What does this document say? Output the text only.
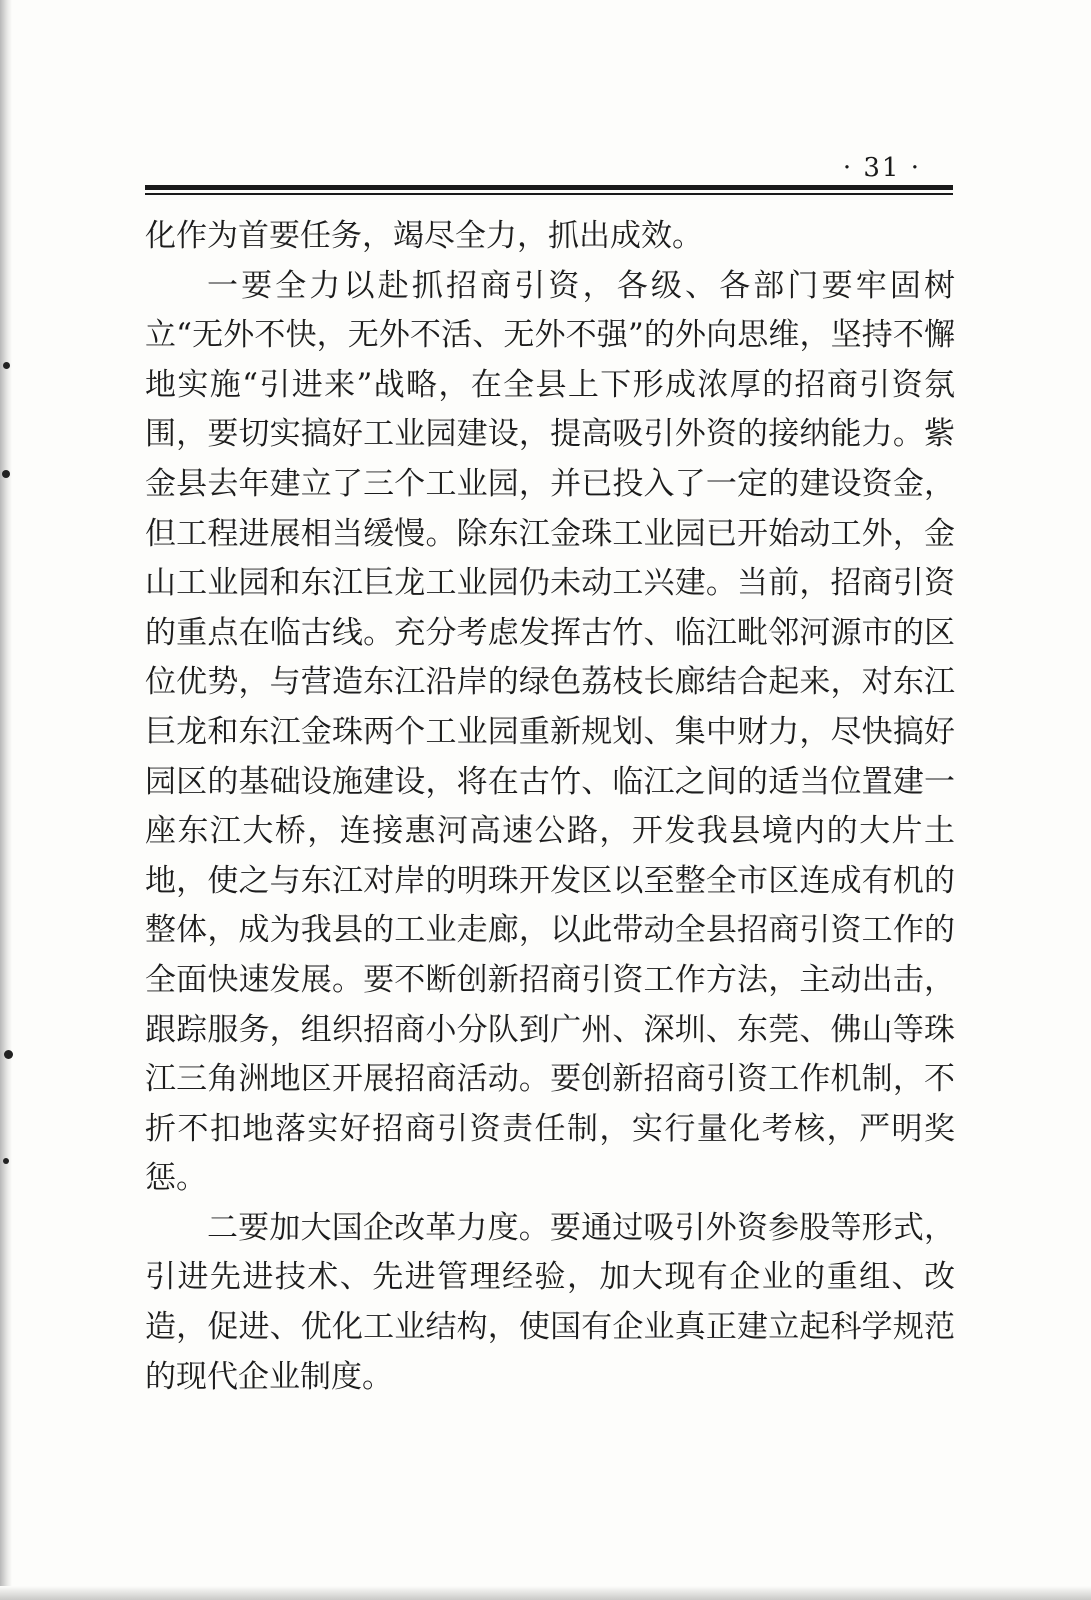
· 31 ·

化作为首要任务，竭尽全力，抓出成效。

一要全力以赴抓招商引资，各级、各部门要牢固树立“无外不快，无外不活、无外不强”的外向思维，坚持不懈地实施“引进来”战略，在全县上下形成浓厚的招商引资氛围，要切实搞好工业园建设，提高吸引外资的接纳能力。紫金县去年建立了三个工业园，并已投入了一定的建设资金，但工程进展相当缓慢。除东江金珠工业园已开始动工外，金山工业园和东江巨龙工业园仍未动工兴建。当前，招商引资的重点在临古线。充分考虑发挥古竹、临江毗邻河源市的区位优势，与营造东江沿岸的绿色荔枝长廊结合起来，对东江巨龙和东江金珠两个工业园重新规划、集中财力，尽快搞好园区的基础设施建设，将在古竹、临江之间的适当位置建一座东江大桥，连接惠河高速公路，开发我县境内的大片土地，使之与东江对岸的明珠开发区以至整全市区连成有机的整体，成为我县的工业走廊，以此带动全县招商引资工作的全面快速发展。要不断创新招商引资工作方法，主动出击，跟踪服务，组织招商小分队到广州、深圳、东莞、佛山等珠江三角洲地区开展招商活动。要创新招商引资工作机制，不折不扣地落实好招商引资责任制，实行量化考核，严明奖惩。

二要加大国企改革力度。要通过吸引外资参股等形式，引进先进技术、先进管理经验，加大现有企业的重组、改造，促进、优化工业结构，使国有企业真正建立起科学规范的现代企业制度。
